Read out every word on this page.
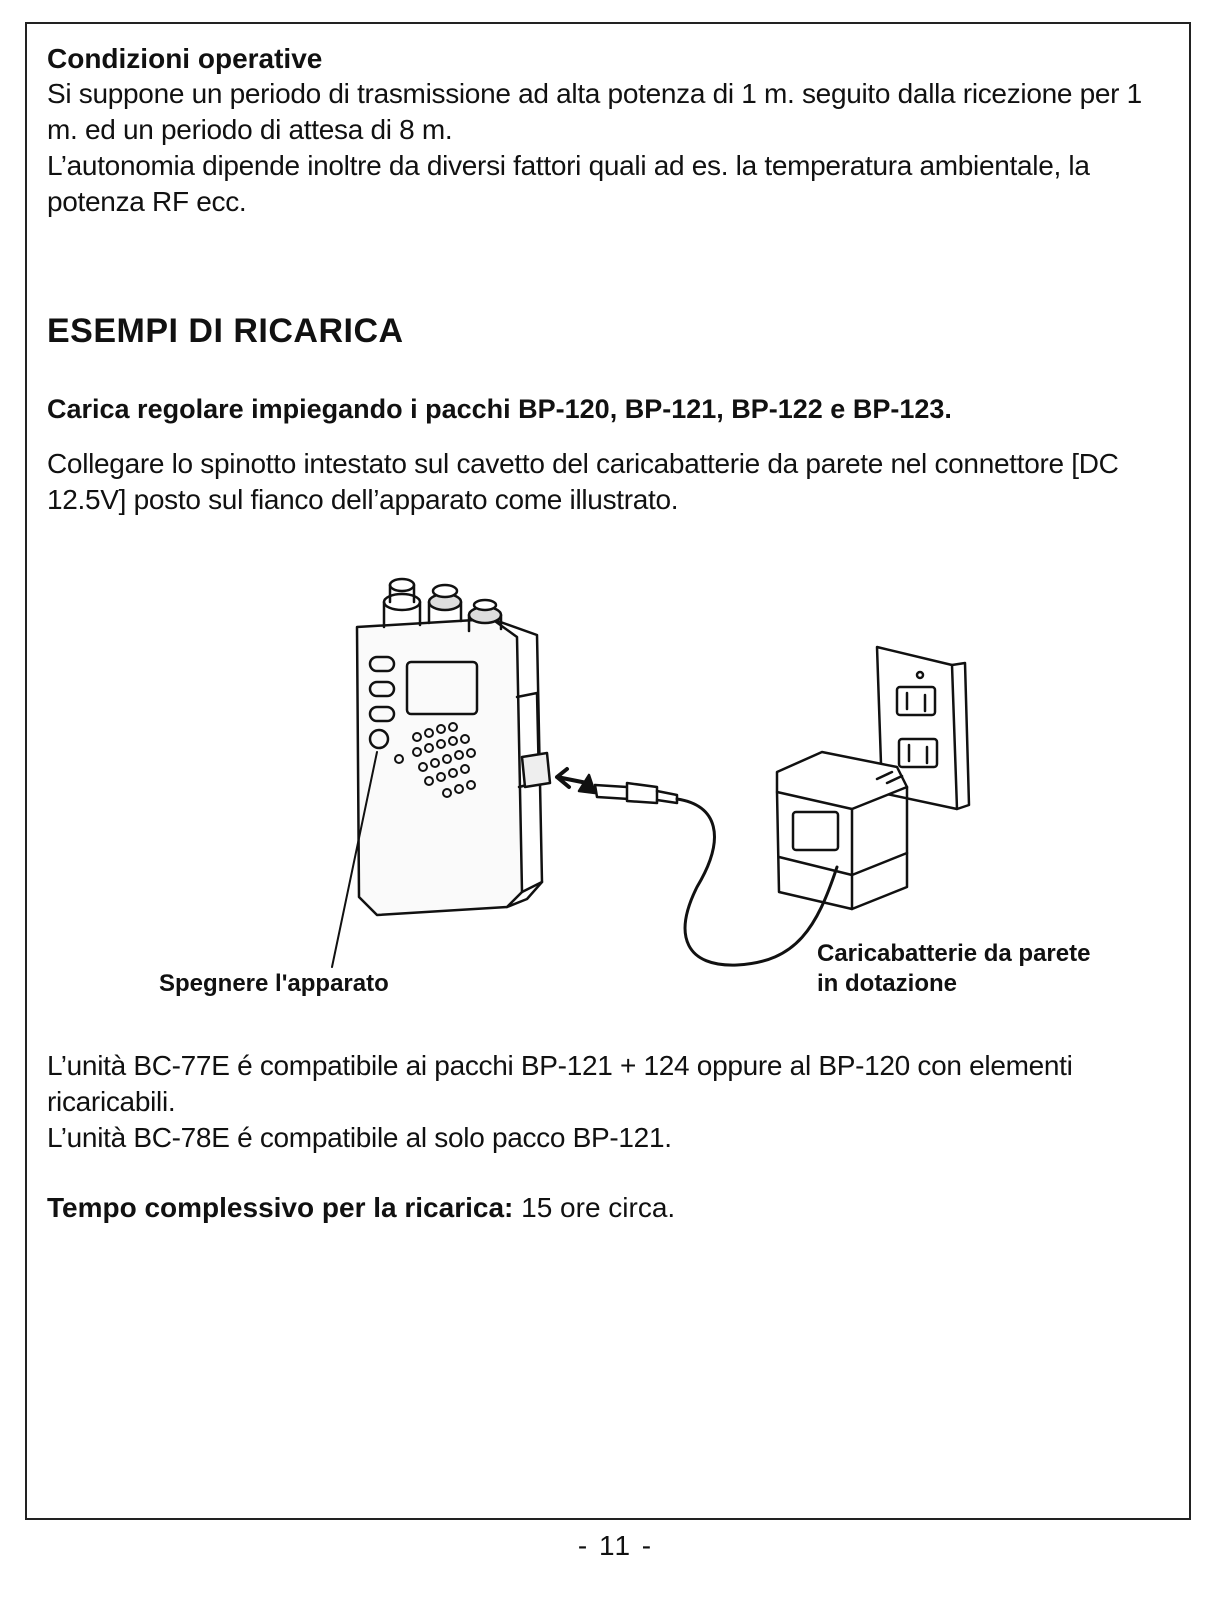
Condizioni operative

Si suppone un periodo di trasmissione ad alta potenza di 1 m. seguito dalla ricezione per 1 m. ed un periodo di attesa di 8 m.

L’autonomia dipende inoltre da diversi fattori quali ad es. la temperatura ambientale, la potenza RF ecc.

ESEMPI DI RICARICA
Carica regolare impiegando i pacchi BP-120, BP-121, BP-122 e BP-123.

Collegare lo spinotto intestato sul cavetto del caricabatterie da parete nel connettore [DC 12.5V] posto sul fianco dell’apparato come illustrato.

Spegnere l'apparato
Caricabatterie da parete
in dotazione

L’unità BC-77E é compatibile ai pacchi BP-121 + 124 oppure al BP-120 con elementi ricaricabili.

L’unità BC-78E é compatibile al solo pacco BP-121.

Tempo complessivo per la ricarica: 15 ore circa.

- 11 -
